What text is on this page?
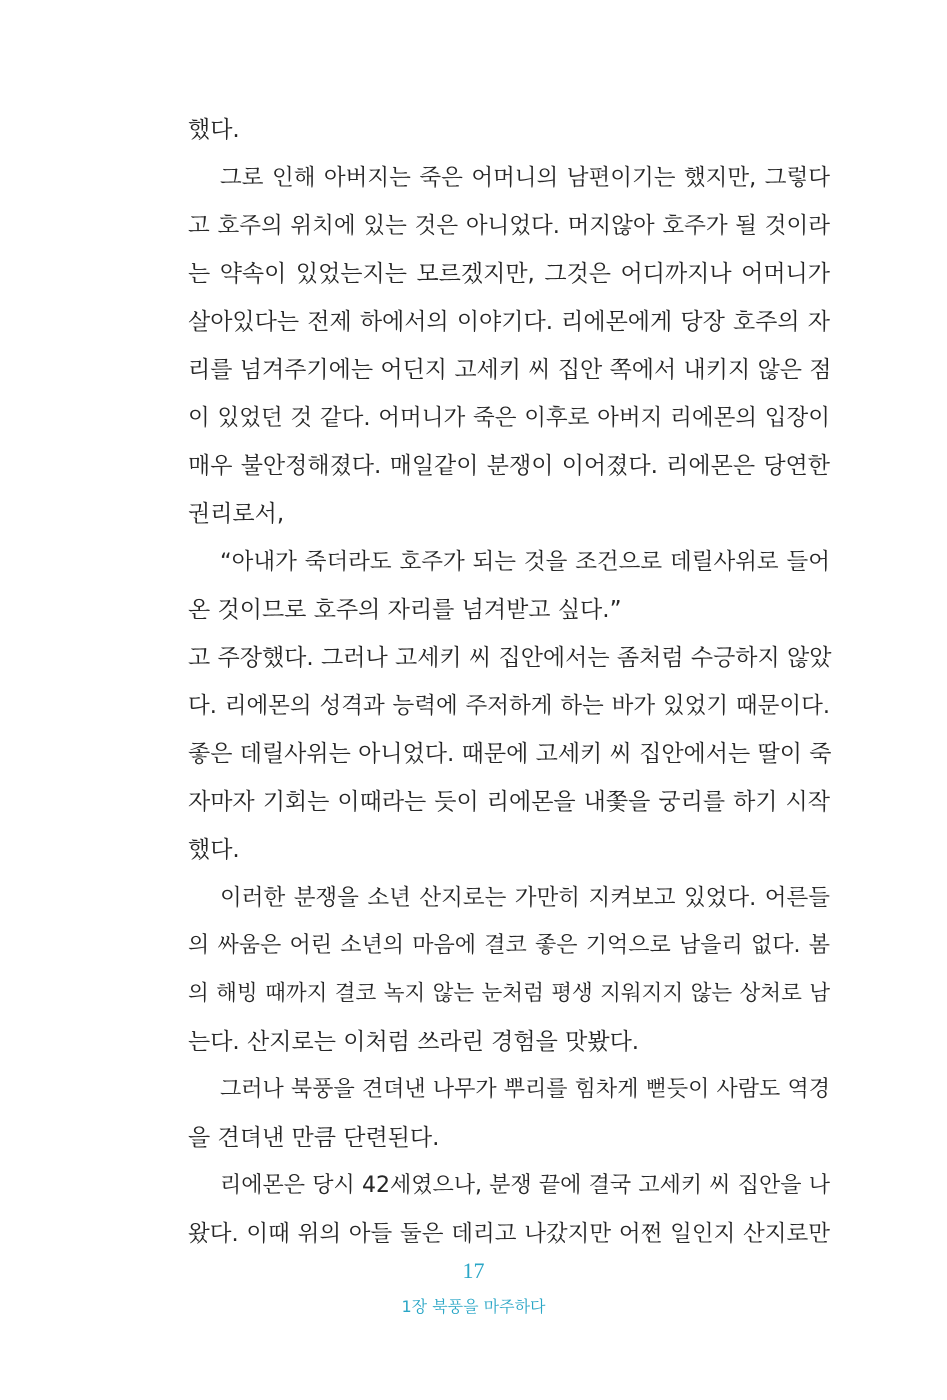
했다.
그로 인해 아버지는 죽은 어머니의 남편이기는 했지만, 그렇다
고 호주의 위치에 있는 것은 아니었다. 머지않아 호주가 될 것이라
는 약속이 있었는지는 모르겠지만, 그것은 어디까지나 어머니가
살아있다는 전제 하에서의 이야기다. 리에몬에게 당장 호주의 자
리를 넘겨주기에는 어딘지 고세키 씨 집안 쪽에서 내키지 않은 점
이 있었던 것 같다. 어머니가 죽은 이후로 아버지 리에몬의 입장이
매우 불안정해졌다. 매일같이 분쟁이 이어졌다. 리에몬은 당연한
권리로서,
“아내가 죽더라도 호주가 되는 것을 조건으로 데릴사위로 들어
온 것이므로 호주의 자리를 넘겨받고 싶다.”
고 주장했다. 그러나 고세키 씨 집안에서는 좀처럼 수긍하지 않았
다. 리에몬의 성격과 능력에 주저하게 하는 바가 있었기 때문이다.
좋은 데릴사위는 아니었다. 때문에 고세키 씨 집안에서는 딸이 죽
자마자 기회는 이때라는 듯이 리에몬을 내쫓을 궁리를 하기 시작
했다.
이러한 분쟁을 소년 산지로는 가만히 지켜보고 있었다. 어른들
의 싸움은 어린 소년의 마음에 결코 좋은 기억으로 남을리 없다. 봄
의 해빙 때까지 결코 녹지 않는 눈처럼 평생 지워지지 않는 상처로 남
는다. 산지로는 이처럼 쓰라린 경험을 맛봤다.
그러나 북풍을 견뎌낸 나무가 뿌리를 힘차게 뻗듯이 사람도 역경
을 견뎌낸 만큼 단련된다.
리에몬은 당시 42세였으나, 분쟁 끝에 결국 고세키 씨 집안을 나
왔다. 이때 위의 아들 둘은 데리고 나갔지만 어쩐 일인지 산지로만
17
1장 북풍을 마주하다
